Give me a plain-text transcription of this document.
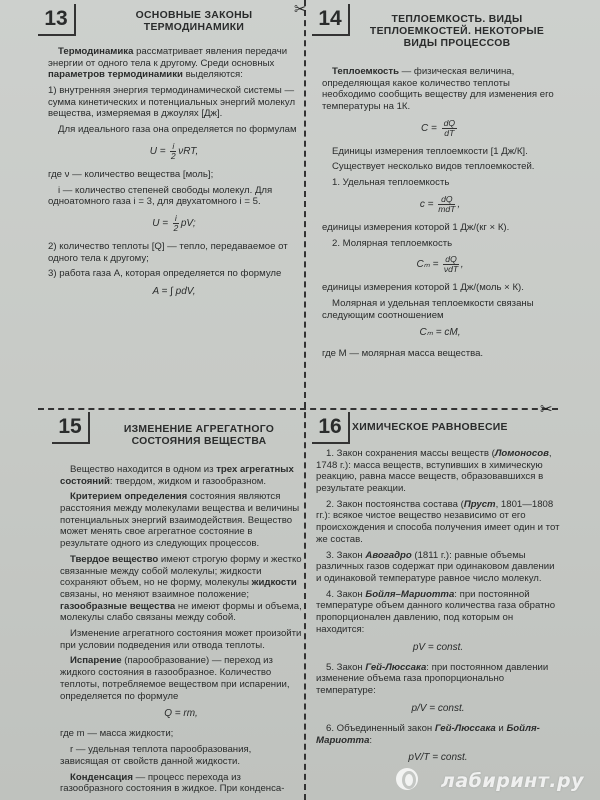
✂
✂
13	ОСНОВНЫЕ ЗАКОНЫ ТЕРМОДИНАМИКИ

Термодинамика рассматривает явления передачи энергии от одного тела к другому. Среди основных параметров термодинамики выделяются:

1) внутренняя энергия термодинамической системы — сумма кинетических и потенциальных энергий молекул вещества, измеряемая в джоулях [Дж].

Для идеального газа она определяется по формулам

$U = \frac{i}{2} \nu RT$,

где ν — количество вещества [моль];

i — количество степеней свободы молекул. Для одноатомного газа i = 3, для двухатомного i = 5.

$U = \frac{i}{2}$ pV;

2) количество теплоты [Q] — тепло, передаваемое от одного тела к другому;

3) работа газа A, которая определяется по формуле

A = ∫ pdV,
14	ТЕПЛОЕМКОСТЬ. ВИДЫ ТЕПЛОЕМКОСТЕЙ. НЕКОТОРЫЕ ВИДЫ ПРОЦЕССОВ

Теплоемкость — физическая величина, определяющая какое количество теплоты необходимо сообщить веществу для изменения его температуры на 1К.

$C = \frac{dQ}{dT}$

Единицы измерения теплоемкости [1 Дж/К].

Существует несколько видов теплоемкостей.

1. Удельная теплоемкость

$c = \frac{dQ}{\text{mdT}}$ ,

единицы измерения которой 1 Дж/(кг × К).

2. Молярная теплоемкость

$C_m = \frac{dQ}{\text{νdT}}$ ,

единицы измерения которой 1 Дж/(моль × К).

Молярная и удельная теплоемкости связаны следующим соотношением

Cₘ = cM,

где M — молярная масса вещества.

15	ИЗМЕНЕНИЕ АГРЕГАТНОГО СОСТОЯНИЯ ВЕЩЕСТВА

Вещество находится в одном из трех агрегатных состояний: твердом, жидком и газообразном.

Критерием определения состояния являются расстояния между молекулами вещества и величины потенциальных энергий взаимодействия. Вещество может менять свое агрегатное состояние в результате одного из следующих процессов.

Твердое вещество имеют строгую форму и жестко связанные между собой молекулы; жидкости сохраняют объем, но не форму, молекулы жидкости связаны, но меняют взаимное положение; газообразные вещества не имеют формы и объема, молекулы слабо связаны между собой.

Изменение агрегатного состояния может произойти при условии подведения или отвода теплоты.

Испарение (парообразование) — переход из жидкого состояния в газообразное. Количество теплоты, потребляемое веществом при испарении, определяется по формуле

Q = rm,

где m — масса жидкости;

r — удельная теплота парообразования, зависящая от свойств данной жидкости.

Конденсация — процесс перехода из газообразного состояния в жидкое. При конденса-

16 ХИМИЧЕСКОЕ РАВНОВЕСИЕ

1. Закон сохранения массы веществ (Ломоносов, 1748 г.): масса веществ, вступивших в химическую реакцию, равна массе веществ, образовавшихся в результате реакции.

2. Закон постоянства состава (Пруст, 1801—1808 гг.): всякое чистое вещество независимо от его происхождения и способа получения имеет один и тот же состав.

3. Закон Авогадро (1811 г.): равные объемы различных газов содержат при одинаковом давлении и одинаковой температуре равное число молекул.

4. Закон Бойля–Мариотта: при постоянной температуре объем данного количества газа обратно пропорционален давлению, под которым он находится:

pV = const.

5. Закон Гей-Люссака: при постоянном давлении изменение объема газа пропорционально температуре:

p/V = const.

6. Объединенный закон Гей-Люссака и Бойля-Мариотта:

pV/T = const.
лабиринт.ру
